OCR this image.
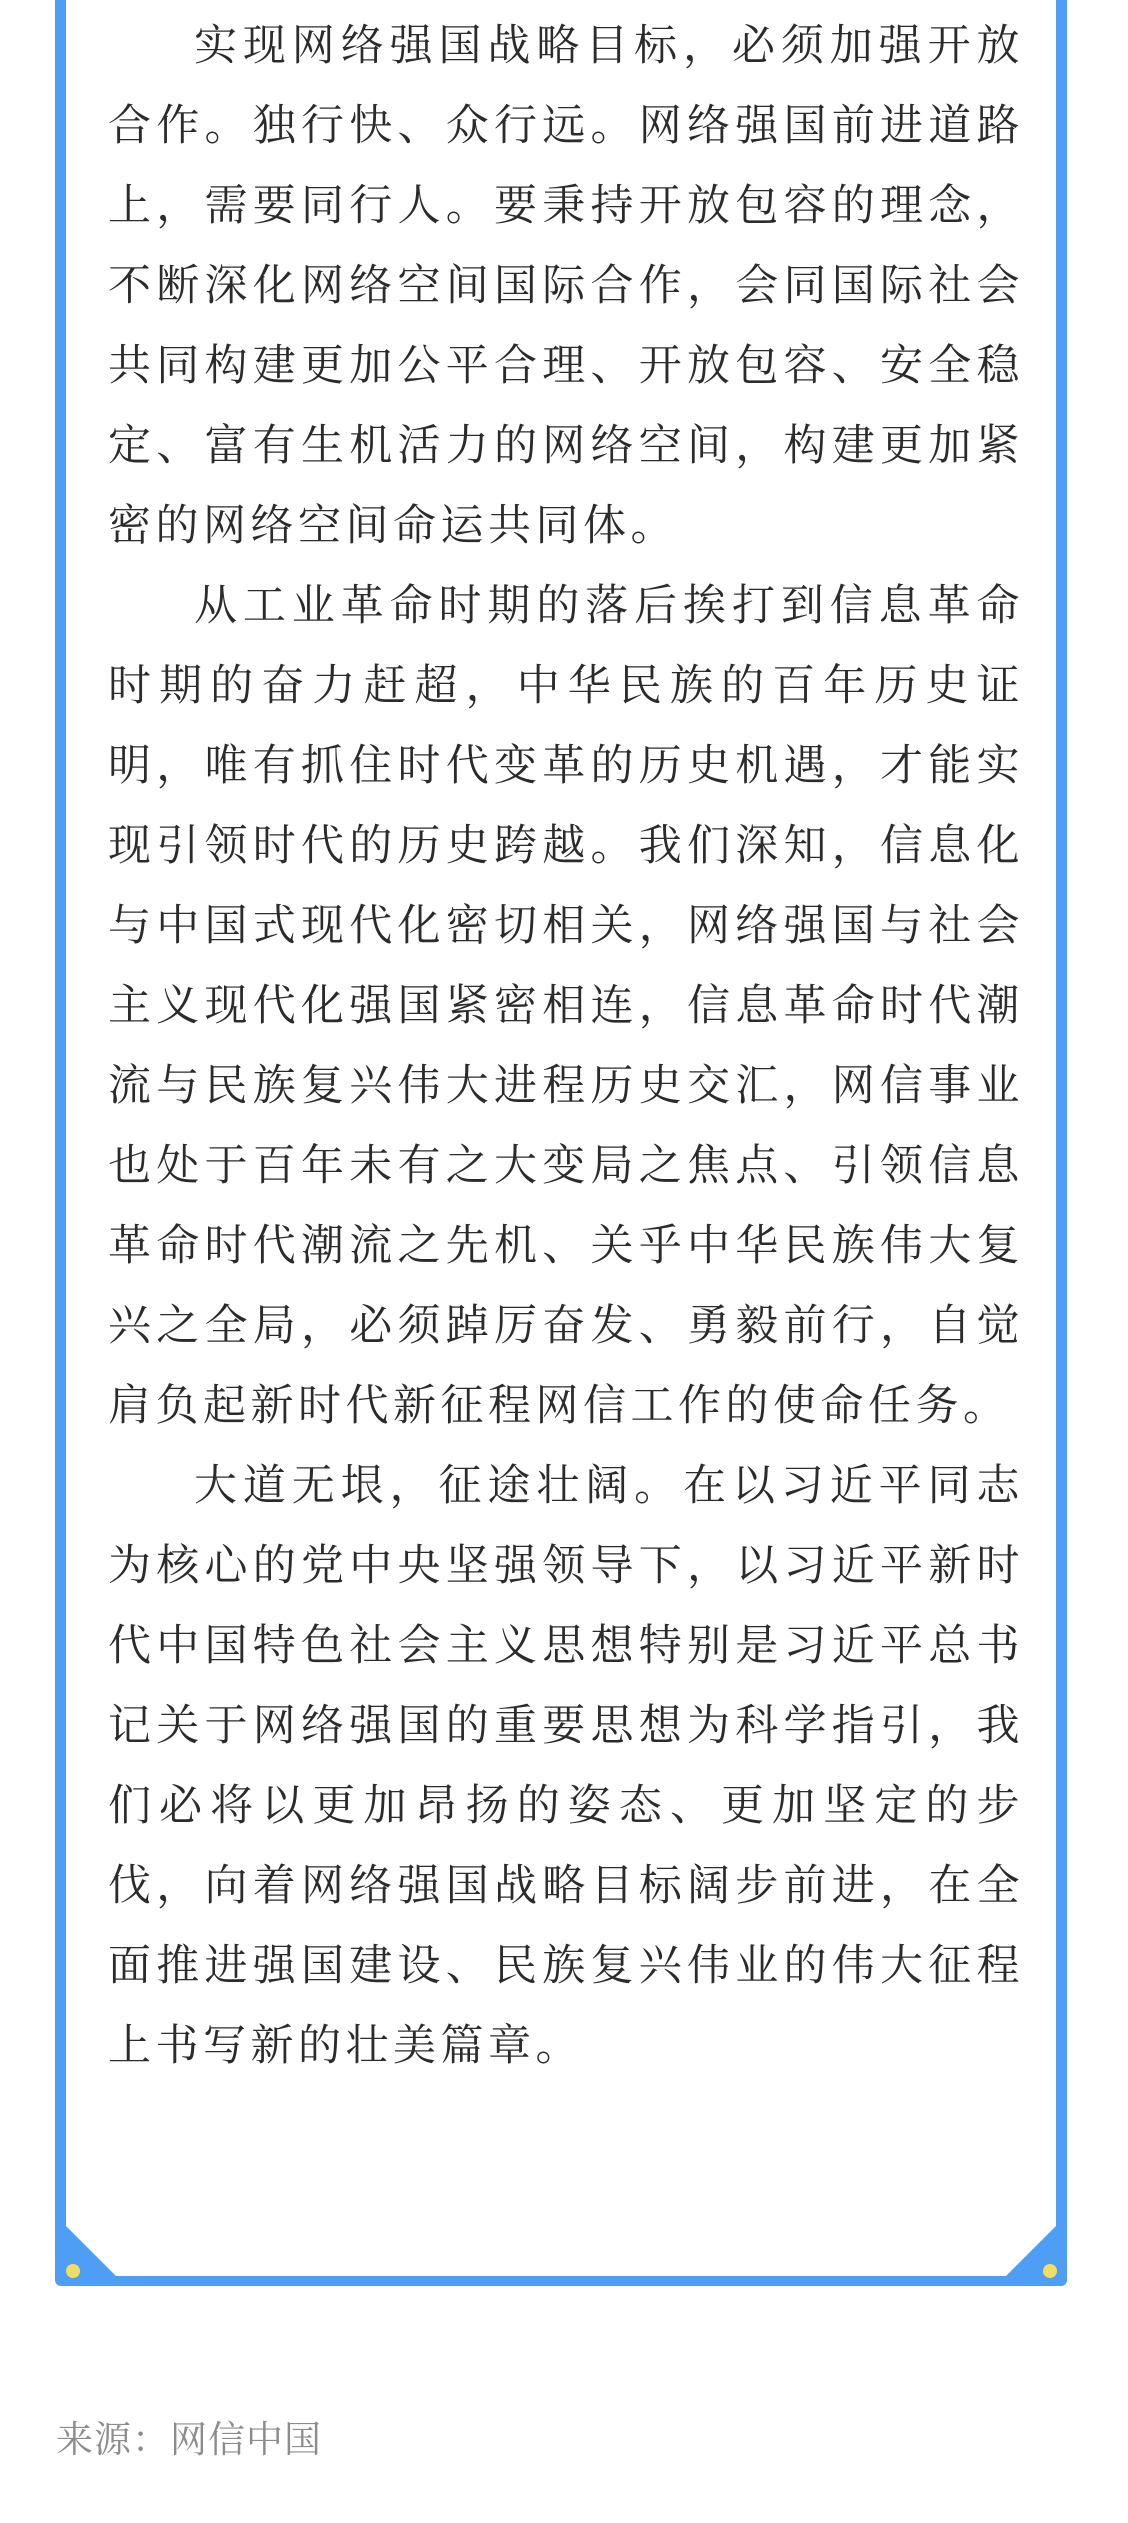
实现网络强国战略目标，必须加强开放合作。独行快、众行远。网络强国前进道路上，需要同行人。要秉持开放包容的理念，不断深化网络空间国际合作，会同国际社会共同构建更加公平合理、开放包容、安全稳定、富有生机活力的网络空间，构建更加紧密的网络空间命运共同体。

从工业革命时期的落后挨打到信息革命时期的奋力赶超，中华民族的百年历史证明，唯有抓住时代变革的历史机遇，才能实现引领时代的历史跨越。我们深知，信息化与中国式现代化密切相关，网络强国与社会主义现代化强国紧密相连，信息革命时代潮流与民族复兴伟大进程历史交汇，网信事业也处于百年未有之大变局之焦点、引领信息革命时代潮流之先机、关乎中华民族伟大复兴之全局，必须踔厉奋发、勇毅前行，自觉肩负起新时代新征程网信工作的使命任务。

大道无垠，征途壮阔。在以习近平同志为核心的党中央坚强领导下，以习近平新时代中国特色社会主义思想特别是习近平总书记关于网络强国的重要思想为科学指引，我们必将以更加昂扬的姿态、更加坚定的步伐，向着网络强国战略目标阔步前进，在全面推进强国建设、民族复兴伟业的伟大征程上书写新的壮美篇章。

来源：网信中国
